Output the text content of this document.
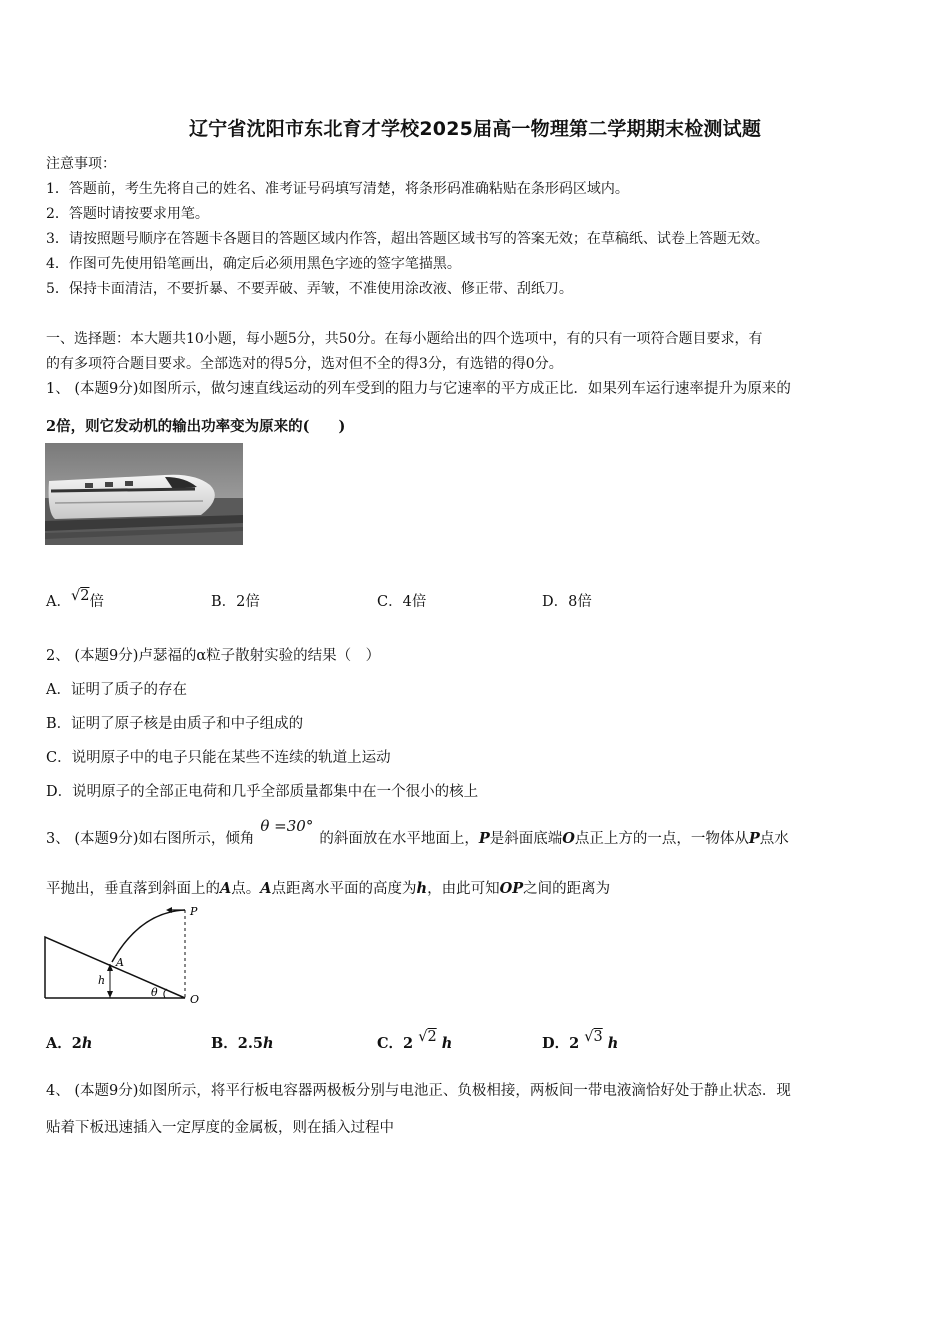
辽宁省沈阳市东北育才学校2025届高一物理第二学期期末检测试题
注意事项：
1．答题前，考生先将自己的姓名、准考证号码填写清楚，将条形码准确粘贴在条形码区域内。
2．答题时请按要求用笔。
3．请按照题号顺序在答题卡各题目的答题区域内作答，超出答题区域书写的答案无效；在草稿纸、试卷上答题无效。
4．作图可先使用铅笔画出，确定后必须用黑色字迹的签字笔描黑。
5．保持卡面清洁，不要折暴、不要弄破、弄皱，不准使用涂改液、修正带、刮纸刀。
一、选择题：本大题共10小题，每小题5分，共50分。在每小题给出的四个选项中，有的只有一项符合题目要求，有
的有多项符合题目要求。全部选对的得5分，选对但不全的得3分，有选错的得0分。
1、 (本题9分)如图所示，做匀速直线运动的列车受到的阻力与它速率的平方成正比．如果列车运行速率提升为原来的
2倍，则它发动机的输出功率变为原来的(　　)
A．√2倍	B．2倍	C．4倍	D．8倍
2、 (本题9分)卢瑟福的α粒子散射实验的结果（　）
A．证明了质子的存在
B．证明了原子核是由质子和中子组成的
C．说明原子中的电子只能在某些不连续的轨道上运动
D．说明原子的全部正电荷和几乎全部质量都集中在一个很小的核上
3、 (本题9分)如右图所示，倾角θ =30°的斜面放在水平地面上，P是斜面底端O点正上方的一点，一物体从P点水
平抛出，垂直落到斜面上的A点。A点距离水平面的高度为h，由此可知OP之间的距离为
P
A
h
θ
O
A．2h	B．2.5h	C．2 √2 h	D．2 √3 h
4、 (本题9分)如图所示，将平行板电容器两极板分别与电池正、负极相接，两板间一带电液滴恰好处于静止状态．现
贴着下板迅速插入一定厚度的金属板，则在插入过程中
